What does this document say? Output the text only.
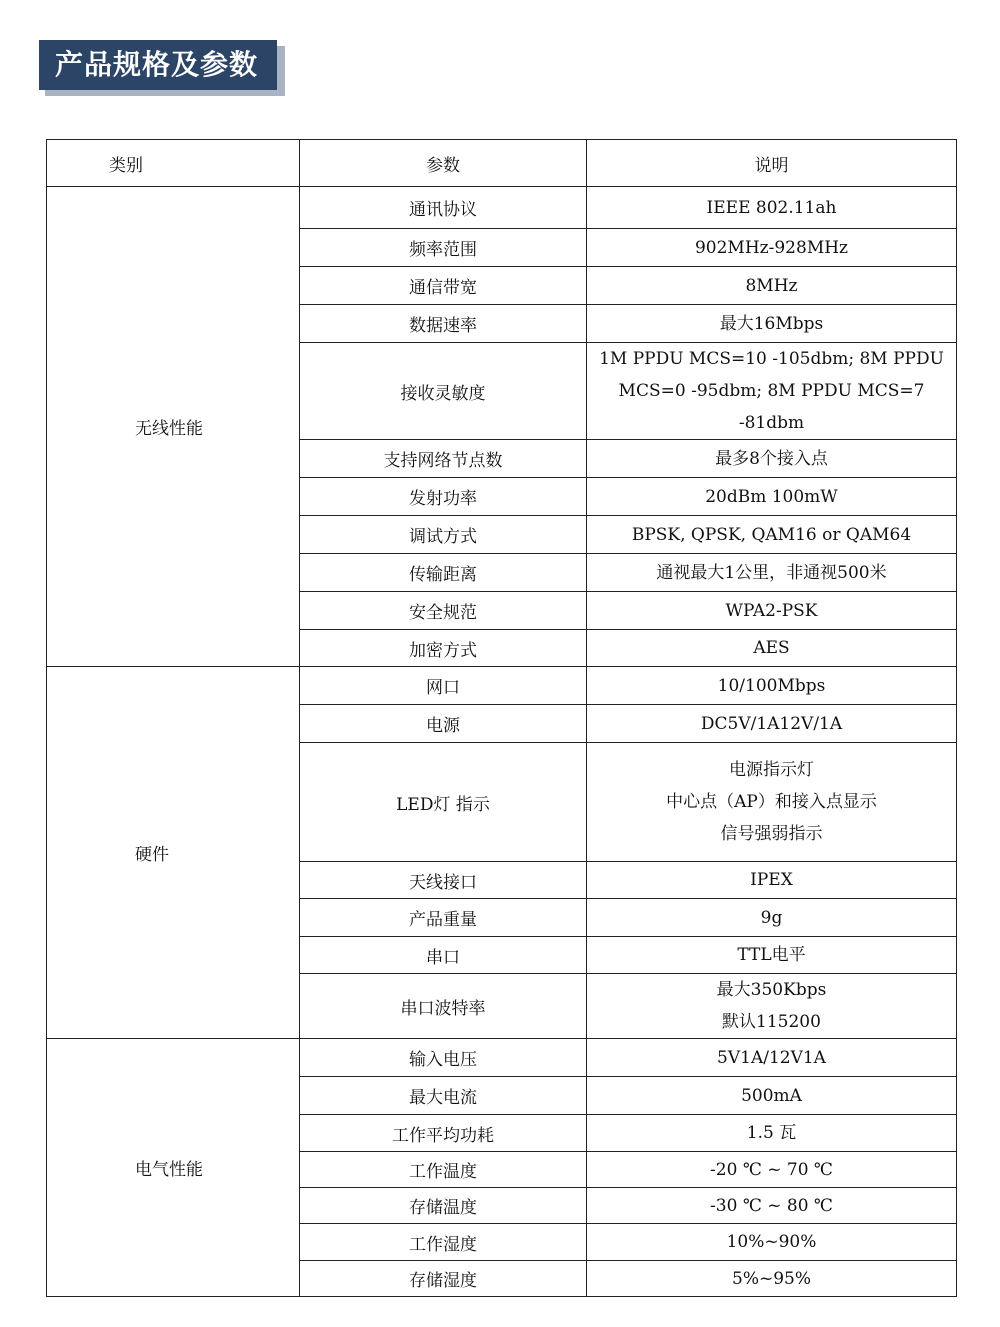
产品规格及参数
类别	参数	说明
无线性能	通讯协议	IEEE 802.11ah

	频率范围	902MHz-928MHz

	通信带宽	8MHz

	数据速率	最大16Mbps

	接收灵敏度	1M PPDU MCS=10 -105dbm; 8M PPDU MCS=0 -95dbm; 8M PPDU MCS=7 -81dbm
	支持网络节点数	最多8个接入点

	发射功率	20dBm 100mW

	调试方式	BPSK, QPSK, QAM16 or QAM64

	传输距离	通视最大1公里，非通视500米

	安全规范	WPA2-PSK

	加密方式	AES

硬件	网口	10/100Mbps

	电源	DC5V/1A12V/1A

	LED灯 指示	电源指示灯
中心点（AP）和接入点显示
信号强弱指示

	天线接口	IPEX

	产品重量	9g

	串口	TTL电平

	串口波特率	最大350Kbps
默认115200

电气性能	输入电压	5V1A/12V1A

	最大电流	500mA

	工作平均功耗	1.5 瓦

	工作温度	-20 ℃ ~ 70 ℃

	存储温度	-30 ℃ ~ 80 ℃

	工作湿度	10%~90%

	存储湿度	5%~95%
